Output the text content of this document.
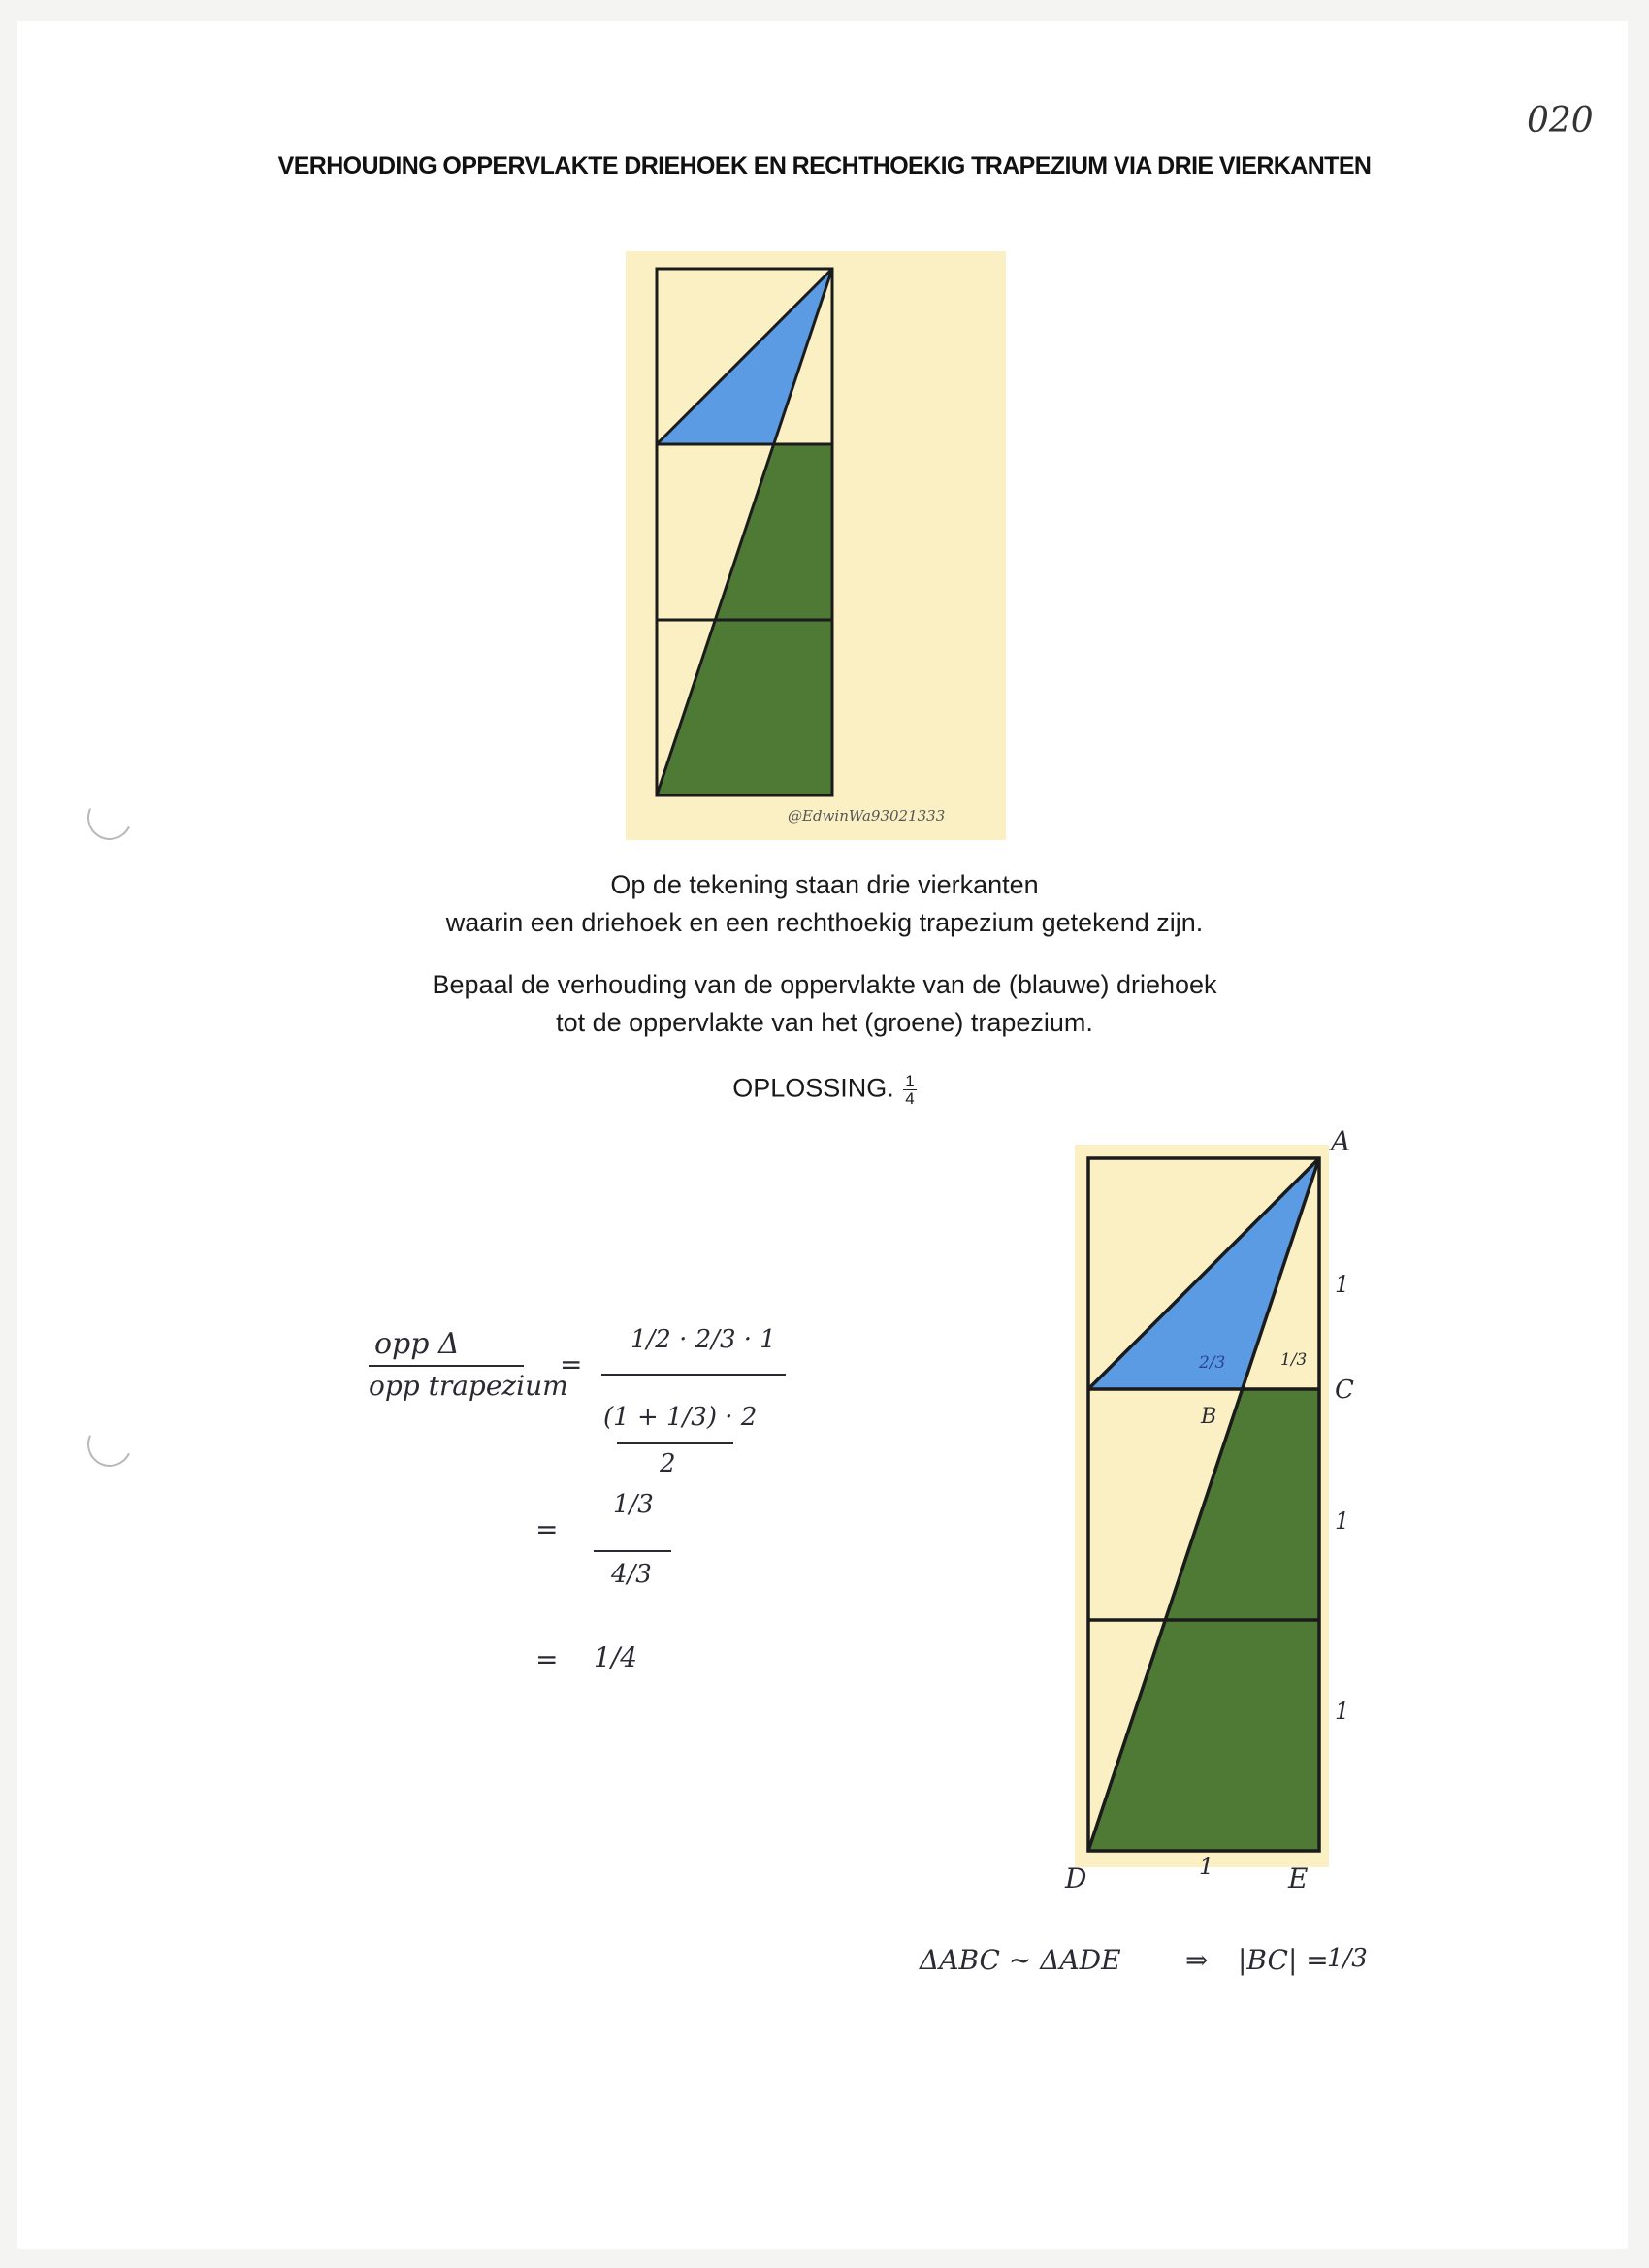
020
VERHOUDING OPPERVLAKTE DRIEHOEK EN RECHTHOEKIG TRAPEZIUM VIA DRIE VIERKANTEN
@EdwinWa93021333
Op de tekening staan drie vierkanten
waarin een driehoek en een rechthoekig trapezium getekend zijn.
Bepaal de verhouding van de oppervlakte van de (blauwe) driehoek
tot de oppervlakte van het (groene) trapezium.
OPLOSSING. $\frac{1}{4}$
opp Δ
opp trapezium
=
1/2 · 2/3 · 1
(1 + 1/3) · 2
2
=
1/3
4/3
= 1/4
A
1
C
2/3	1/3
B
1
1
D	1	E
ΔABC ~ ΔADE ⇒ |BC| =
1/3
